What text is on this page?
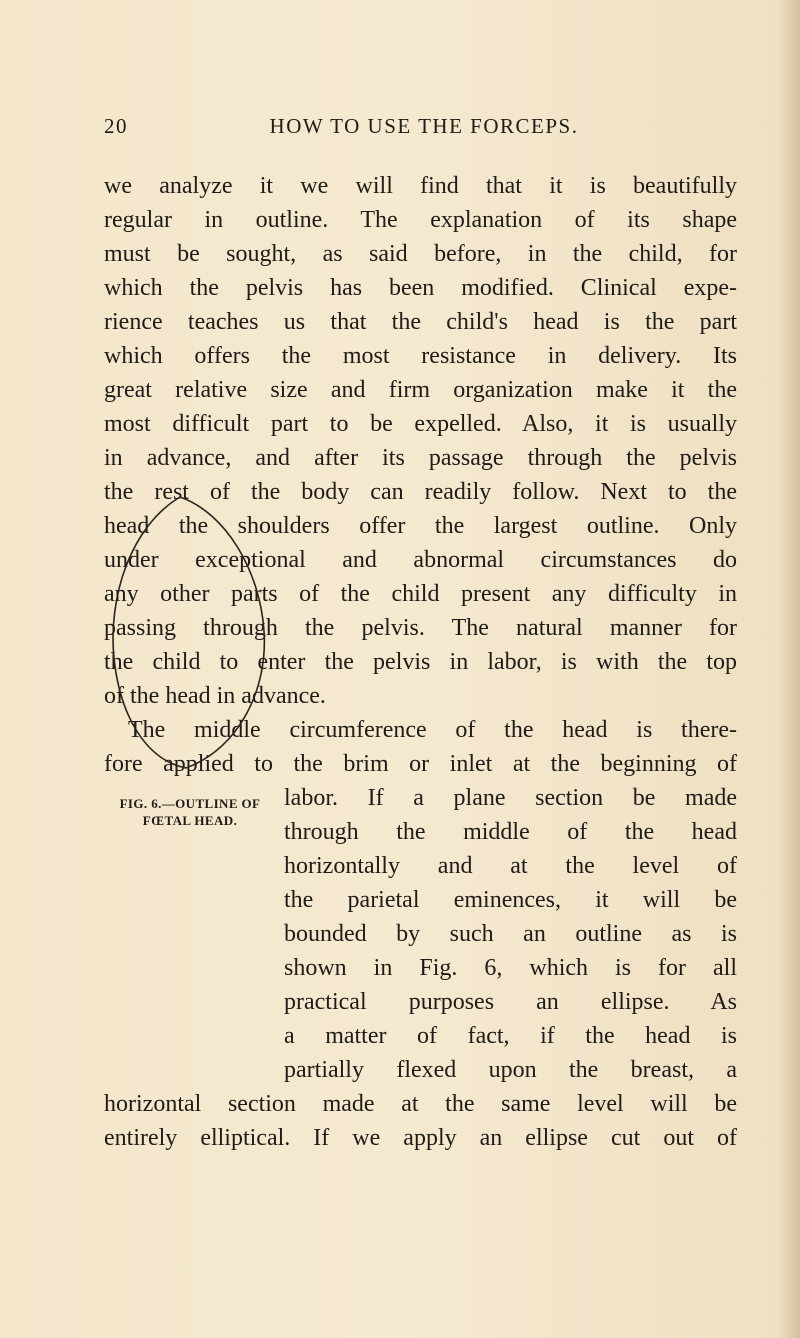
20	HOW TO USE THE FORCEPS.
we analyze it we will find that it is beautifully
regular in outline. The explanation of its shape
must be sought, as said before, in the child, for
which the pelvis has been modified. Clinical expe-
rience teaches us that the child's head is the part
which offers the most resistance in delivery. Its
great relative size and firm organization make it the
most difficult part to be expelled. Also, it is usually
in advance, and after its passage through the pelvis
the rest of the body can readily follow. Next to the
head the shoulders offer the largest outline. Only
under exceptional and abnormal circumstances do
any other parts of the child present any difficulty in
passing through the pelvis. The natural manner for
the child to enter the pelvis in labor, is with the top
of the head in advance.
The middle circumference of the head is there-
fore applied to the brim or inlet at the beginning of
labor. If a plane section be made
through the middle of the head
horizontally and at the level of
the parietal eminences, it will be
bounded by such an outline as is
shown in Fig. 6, which is for all
practical purposes an ellipse. As
a matter of fact, if the head is
partially flexed upon the breast, a
horizontal section made at the same level will be
entirely elliptical. If we apply an ellipse cut out of
FIG. 6.—OUTLINE OF
FŒTAL HEAD.
